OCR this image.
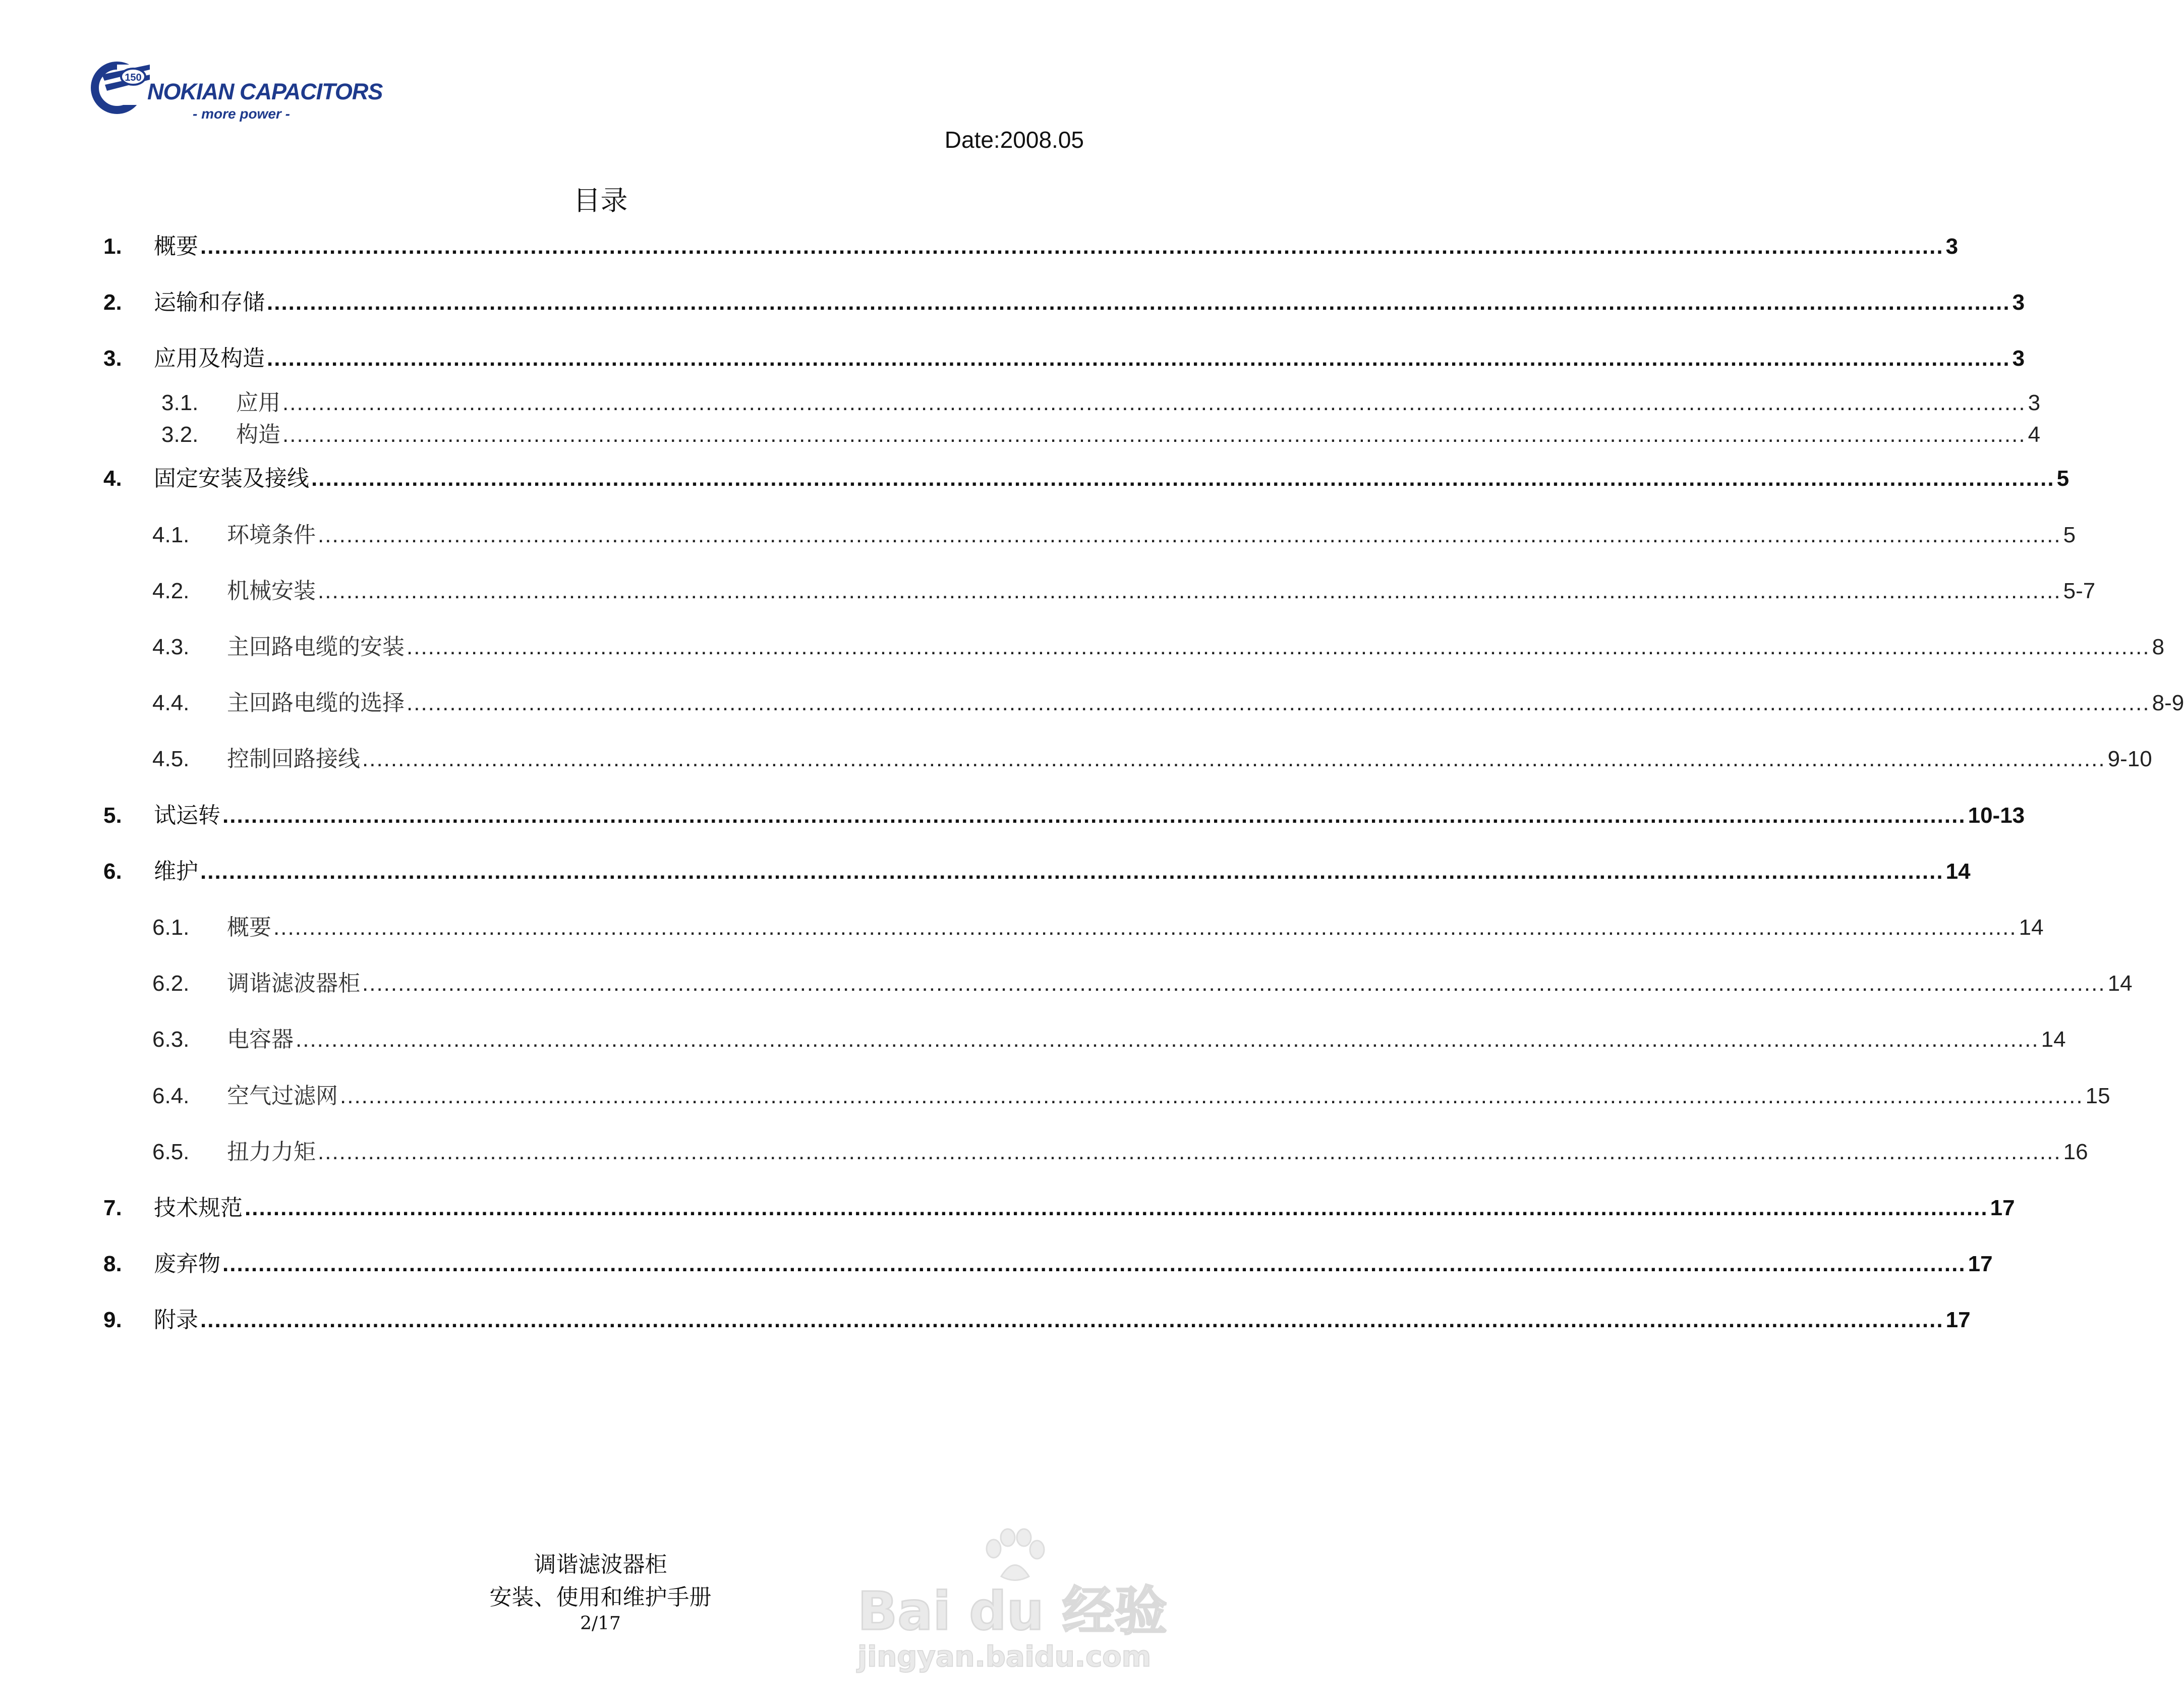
150
NOKIAN CAPACITORS
- more power -
Date:2008.05
目录
1.	概要 ................................................................................................................................................................................................................................................... 3
2.	运输和存储 ................................................................................................................................................................................................................................................... 3
3.	应用及构造 ................................................................................................................................................................................................................................................... 3
3.1.	应用 ................................................................................................................................................................................................................................................... 3
3.2.	构造 ................................................................................................................................................................................................................................................... 4
4.	固定安装及接线 ................................................................................................................................................................................................................................................... 5
4.1.	环境条件 ................................................................................................................................................................................................................................................... 5
4.2.	机械安装 ................................................................................................................................................................................................................................................... 5-7
4.3.	主回路电缆的安装 ................................................................................................................................................................................................................................................... 8
4.4.	主回路电缆的选择 ................................................................................................................................................................................................................................................... 8-9
4.5.	控制回路接线 ................................................................................................................................................................................................................................................... 9-10
5.	试运转 ................................................................................................................................................................................................................................................... 10-13
6.	维护 ................................................................................................................................................................................................................................................... 14
6.1.	概要 ................................................................................................................................................................................................................................................... 14
6.2.	调谐滤波器柜 ................................................................................................................................................................................................................................................... 14
6.3.	电容器 ................................................................................................................................................................................................................................................... 14
6.4.	空气过滤网 ................................................................................................................................................................................................................................................... 15
6.5.	扭力力矩 ................................................................................................................................................................................................................................................... 16
7.	技术规范 ................................................................................................................................................................................................................................................... 17
8.	废弃物 ................................................................................................................................................................................................................................................... 17
9.	附录 ................................................................................................................................................................................................................................................... 17
调谐滤波器柜
安装、使用和维护手册
2/17	Bai du 经验
jingyan.baidu.com
